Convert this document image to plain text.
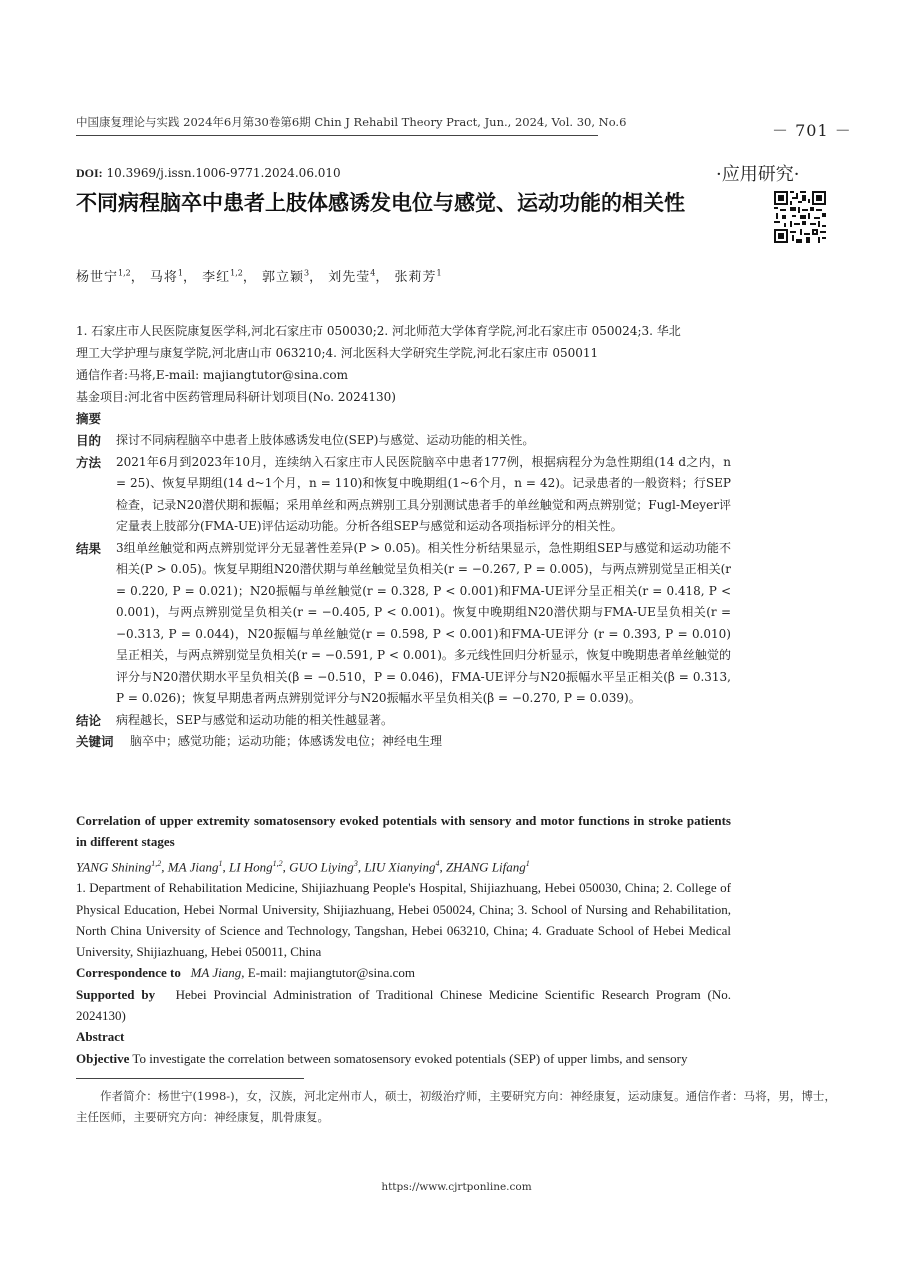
中国康复理论与实践 2024年6月第30卷第6期 Chin J Rehabil Theory Pract, Jun., 2024, Vol. 30, No.6	－ 701 －
DOI: 10.3969/j.issn.1006-9771.2024.06.010	·应用研究·
不同病程脑卒中患者上肢体感诱发电位与感觉、运动功能的相关性
杨世宁$^{1,2}$， 马将$^1$， 李红$^{1,2}$， 郭立颖$^3$， 刘先莹$^4$， 张莉芳$^1$
1. 石家庄市人民医院康复医学科,河北石家庄市 050030;2. 河北师范大学体育学院,河北石家庄市 050024;3. 华北
理工大学护理与康复学院,河北唐山市 063210;4. 河北医科大学研究生学院,河北石家庄市 050011
通信作者:马将,E-mail: majiangtutor@sina.com
基金项目:河北省中医药管理局科研计划项目(No. 2024130)
摘要
目的	探讨不同病程脑卒中患者上肢体感诱发电位(SEP)与感觉、运动功能的相关性。
方法	2021年6月到2023年10月，连续纳入石家庄市人民医院脑卒中患者177例，根据病程分为急性期组(14 d之内，n = 25)、恢复早期组(14 d~1个月，n = 110)和恢复中晚期组(1~6个月，n = 42)。记录患者的一般资料；行SEP检查，记录N20潜伏期和振幅；采用单丝和两点辨别工具分别测试患者手的单丝触觉和两点辨别觉；Fugl-Meyer评定量表上肢部分(FMA-UE)评估运动功能。分析各组SEP与感觉和运动各项指标评分的相关性。
结果	3组单丝触觉和两点辨别觉评分无显著性差异(P > 0.05)。相关性分析结果显示，急性期组SEP与感觉和运动功能不相关(P > 0.05)。恢复早期组N20潜伏期与单丝触觉呈负相关(r = −0.267, P = 0.005)，与两点辨别觉呈正相关(r = 0.220, P = 0.021)；N20振幅与单丝触觉(r = 0.328, P < 0.001)和FMA-UE评分呈正相关(r = 0.418, P < 0.001)，与两点辨别觉呈负相关(r = −0.405, P < 0.001)。恢复中晚期组N20潜伏期与FMA-UE呈负相关(r = −0.313, P = 0.044)，N20振幅与单丝触觉(r = 0.598, P < 0.001)和FMA-UE评分 (r = 0.393, P = 0.010) 呈正相关，与两点辨别觉呈负相关(r = −0.591, P < 0.001)。多元线性回归分析显示，恢复中晚期患者单丝触觉的评分与N20潜伏期水平呈负相关(β = −0.510，P = 0.046)，FMA-UE评分与N20振幅水平呈正相关(β = 0.313, P = 0.026)；恢复早期患者两点辨别觉评分与N20振幅水平呈负相关(β = −0.270, P = 0.039)。
结论	病程越长，SEP与感觉和运动功能的相关性越显著。
关键词	脑卒中；感觉功能；运动功能；体感诱发电位；神经电生理
Correlation of upper extremity somatosensory evoked potentials with sensory and motor functions in stroke patients in different stages
YANG Shining$^{1,2}$, MA Jiang$^1$, LI Hong$^{1,2}$, GUO Liying$^3$, LIU Xianying$^4$, ZHANG Lifang$^1$
1. Department of Rehabilitation Medicine, Shijiazhuang People's Hospital, Shijiazhuang, Hebei 050030, China; 2. College of Physical Education, Hebei Normal University, Shijiazhuang, Hebei 050024, China; 3. School of Nursing and Rehabilitation, North China University of Science and Technology, Tangshan, Hebei 063210, China; 4. Graduate School of Hebei Medical University, Shijiazhuang, Hebei 050011, China
Correspondence to MA Jiang, E-mail: majiangtutor@sina.com
Supported by Hebei Provincial Administration of Traditional Chinese Medicine Scientific Research Program (No. 2024130)
Abstract
Objective To investigate the correlation between somatosensory evoked potentials (SEP) of upper limbs, and sensory
作者简介：杨世宁(1998-)，女，汉族，河北定州市人，硕士，初级治疗师，主要研究方向：神经康复，运动康复。通信作者：马将，男，博士，主任医师，主要研究方向：神经康复，肌骨康复。
https://www.cjrtponline.com
